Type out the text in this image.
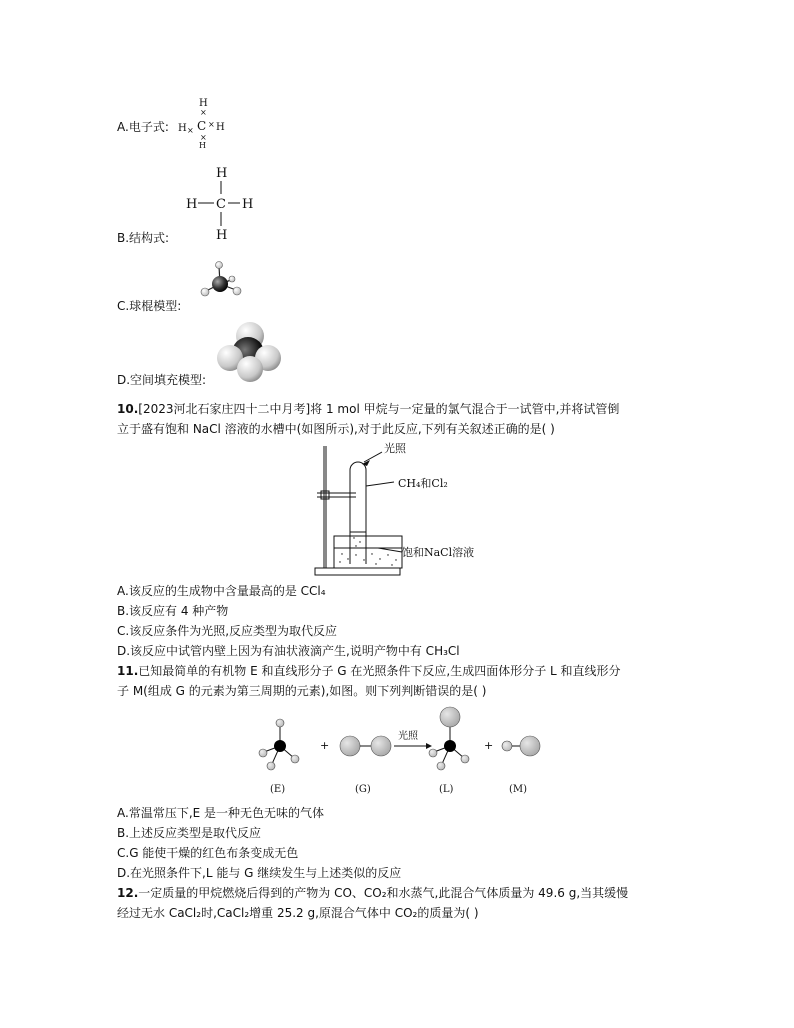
A.电子式:
H
×
H × C × H
×
H
H
H C H
H
B.结构式:
C.球棍模型:
D.空间填充模型:
10.[2023河北石家庄四十二中月考]将 1 mol 甲烷与一定量的氯气混合于一试管中,并将试管倒
立于盛有饱和 NaCl 溶液的水槽中(如图所示),对于此反应,下列有关叙述正确的是( )
光照
CH₄和Cl₂
饱和NaCl溶液
A.该反应的生成物中含量最高的是 CCl₄
B.该反应有 4 种产物
C.该反应条件为光照,反应类型为取代反应
D.该反应中试管内壁上因为有油状液滴产生,说明产物中有 CH₃Cl
11.已知最简单的有机物 E 和直线形分子 G 在光照条件下反应,生成四面体形分子 L 和直线形分
子 M(组成 G 的元素为第三周期的元素),如图。则下列判断错误的是( )
+
光照
+
(E)	(G)	(L)	(M)
A.常温常压下,E 是一种无色无味的气体
B.上述反应类型是取代反应
C.G 能使干燥的红色布条变成无色
D.在光照条件下,L 能与 G 继续发生与上述类似的反应
12.一定质量的甲烷燃烧后得到的产物为 CO、CO₂和水蒸气,此混合气体质量为 49.6 g,当其缓慢
经过无水 CaCl₂时,CaCl₂增重 25.2 g,原混合气体中 CO₂的质量为( )
